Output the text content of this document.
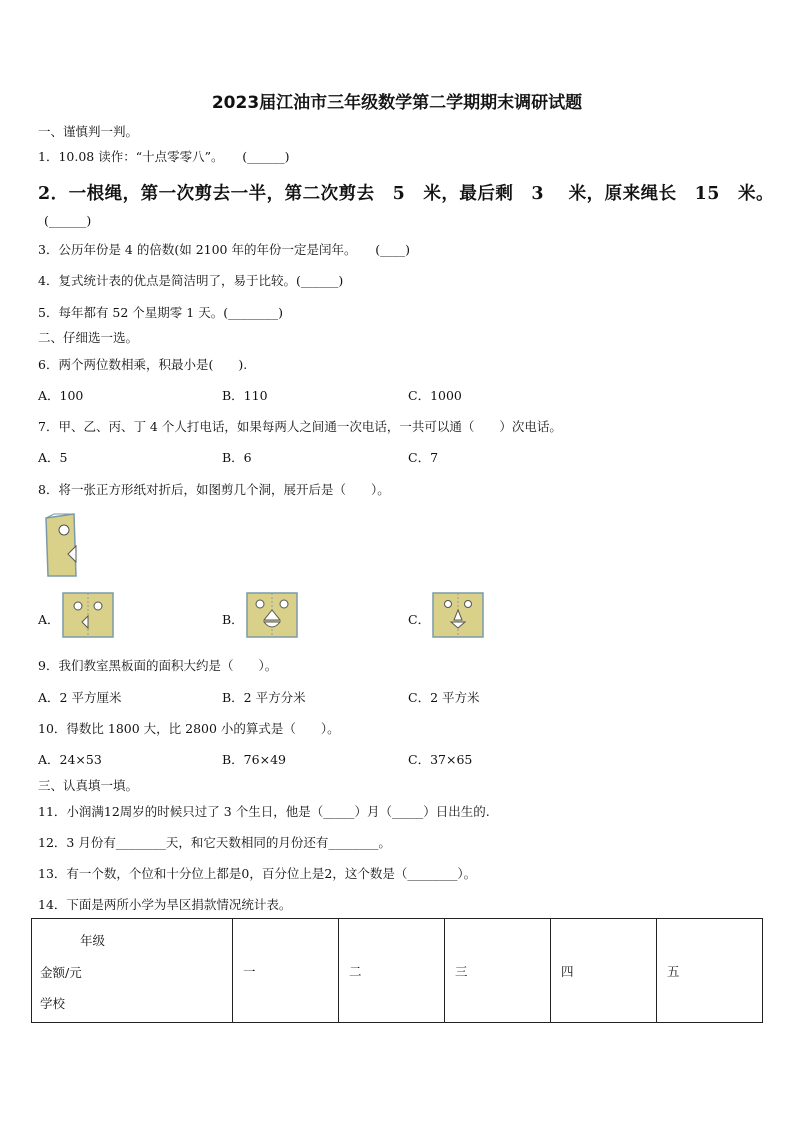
2023届江油市三年级数学第二学期期末调研试题
一、谨慎判一判。
1．10.08 读作：“十点零零八”。　　(______)
2．一根绳，第一次剪去一半，第二次剪去　5　米，最后剩　3　 米，原来绳长　15　米。
(______)
3．公历年份是 4 的倍数(如 2100 年的年份一定是闰年。　　(____)
4．复式统计表的优点是简洁明了，易于比较。(______)
5．每年都有 52 个星期零 1 天。(________)
二、仔细选一选。
6．两个两位数相乘，积最小是(　　).
A．100	B．110	C．1000
7．甲、乙、丙、丁 4 个人打电话，如果每两人之间通一次电话，一共可以通（　　）次电话。
A．5	B．6	C．7
8．将一张正方形纸对折后，如图剪几个洞，展开后是（　　）。
A．	B．	C．
9．我们教室黑板面的面积大约是（　　）。
A．2 平方厘米	B．2 平方分米	C．2 平方米
10．得数比 1800 大，比 2800 小的算式是（　　）。
A．24×53	B．76×49	C．37×65
三、认真填一填。
11．小润满12周岁的时候只过了 3 个生日，他是（_____）月（_____）日出生的.
12．3 月份有________天，和它天数相同的月份还有________。
13．有一个数，个位和十分位上都是0，百分位上是2，这个数是（________）。
14．下面是两所小学为旱区捐款情况统计表。
年级
金额/元
学校
	一	二	三	四	五
